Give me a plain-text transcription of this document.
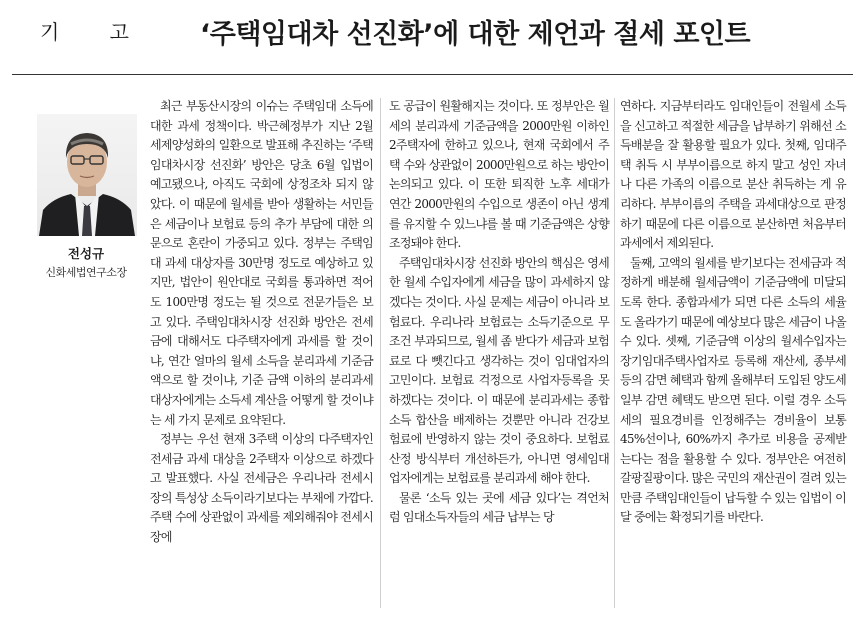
기 고 ‘주택임대차 선진화’에 대한 제언과 절세 포인트
전성규
신화세법연구소장

최근 부동산시장의 이슈는 주택임대 소득에 대한 과세 정책이다. 박근혜정부가 지난 2월 세제양성화의 일환으로 발표해 추진하는 ‘주택임대차시장 선진화’ 방안은 당초 6월 입법이 예고됐으나, 아직도 국회에 상정조차 되지 않았다. 이 때문에 월세를 받아 생활하는 서민들은 세금이나 보험료 등의 추가 부담에 대한 의문으로 혼란이 가중되고 있다. 정부는 주택임대 과세 대상자를 30만명 정도로 예상하고 있지만, 법안이 원안대로 국회를 통과하면 적어도 100만명 정도는 될 것으로 전문가들은 보고 있다. 주택임대차시장 선진화 방안은 전세금에 대해서도 다주택자에게 과세를 할 것이냐, 연간 얼마의 월세 소득을 분리과세 기준금액으로 할 것이냐, 기준 금액 이하의 분리과세 대상자에게는 소득세 계산을 어떻게 할 것이냐는 세 가지 문제로 요약된다.

정부는 우선 현재 3주택 이상의 다주택자인 전세금 과세 대상을 2주택자 이상으로 하겠다고 발표했다. 사실 전세금은 우리나라 전세시장의 특성상 소득이라기보다는 부채에 가깝다. 주택 수에 상관없이 과세를 제외해줘야 전세시장에

도 공급이 원활해지는 것이다. 또 정부안은 월세의 분리과세 기준금액을 2000만원 이하인 2주택자에 한하고 있으나, 현재 국회에서 주택 수와 상관없이 2000만원으로 하는 방안이 논의되고 있다. 이 또한 퇴직한 노후 세대가 연간 2000만원의 수입으로 생존이 아닌 생계를 유지할 수 있느냐를 볼 때 기준금액은 상향조정돼야 한다.

주택임대차시장 선진화 방안의 핵심은 영세한 월세 수입자에게 세금을 많이 과세하지 않겠다는 것이다. 사실 문제는 세금이 아니라 보험료다. 우리나라 보험료는 소득기준으로 무조건 부과되므로, 월세 좀 받다가 세금과 보험료로 다 뺏긴다고 생각하는 것이 임대업자의 고민이다. 보험료 걱정으로 사업자등록을 못하겠다는 것이다. 이 때문에 분리과세는 종합소득 합산을 배제하는 것뿐만 아니라 건강보험료에 반영하지 않는 것이 중요하다. 보험료 산정 방식부터 개선하든가, 아니면 영세임대업자에게는 보험료를 분리과세 해야 한다.

물론 ‘소득 있는 곳에 세금 있다’는 격언처럼 임대소득자들의 세금 납부는 당

연하다. 지금부터라도 임대인들이 전월세 소득을 신고하고 적절한 세금을 납부하기 위해선 소득배분을 잘 활용할 필요가 있다. 첫째, 임대주택 취득 시 부부이름으로 하지 말고 성인 자녀나 다른 가족의 이름으로 분산 취득하는 게 유리하다. 부부이름의 주택을 과세대상으로 판정하기 때문에 다른 이름으로 분산하면 처음부터 과세에서 제외된다.

둘째, 고액의 월세를 받기보다는 전세금과 적정하게 배분해 월세금액이 기준금액에 미달되도록 한다. 종합과세가 되면 다른 소득의 세율도 올라가기 때문에 예상보다 많은 세금이 나올 수 있다. 셋째, 기준금액 이상의 월세수입자는 장기임대주택사업자로 등록해 재산세, 종부세 등의 감면 혜택과 함께 올해부터 도입된 양도세 일부 감면 혜택도 받으면 된다. 이럴 경우 소득세의 필요경비를 인정해주는 경비율이 보통 45%선이나, 60%까지 추가로 비용을 공제받는다는 점을 활용할 수 있다. 정부안은 여전히 갈팡질팡이다. 많은 국민의 재산권이 걸려 있는 만큼 주택임대인들이 납득할 수 있는 입법이 이달 중에는 확정되기를 바란다.
